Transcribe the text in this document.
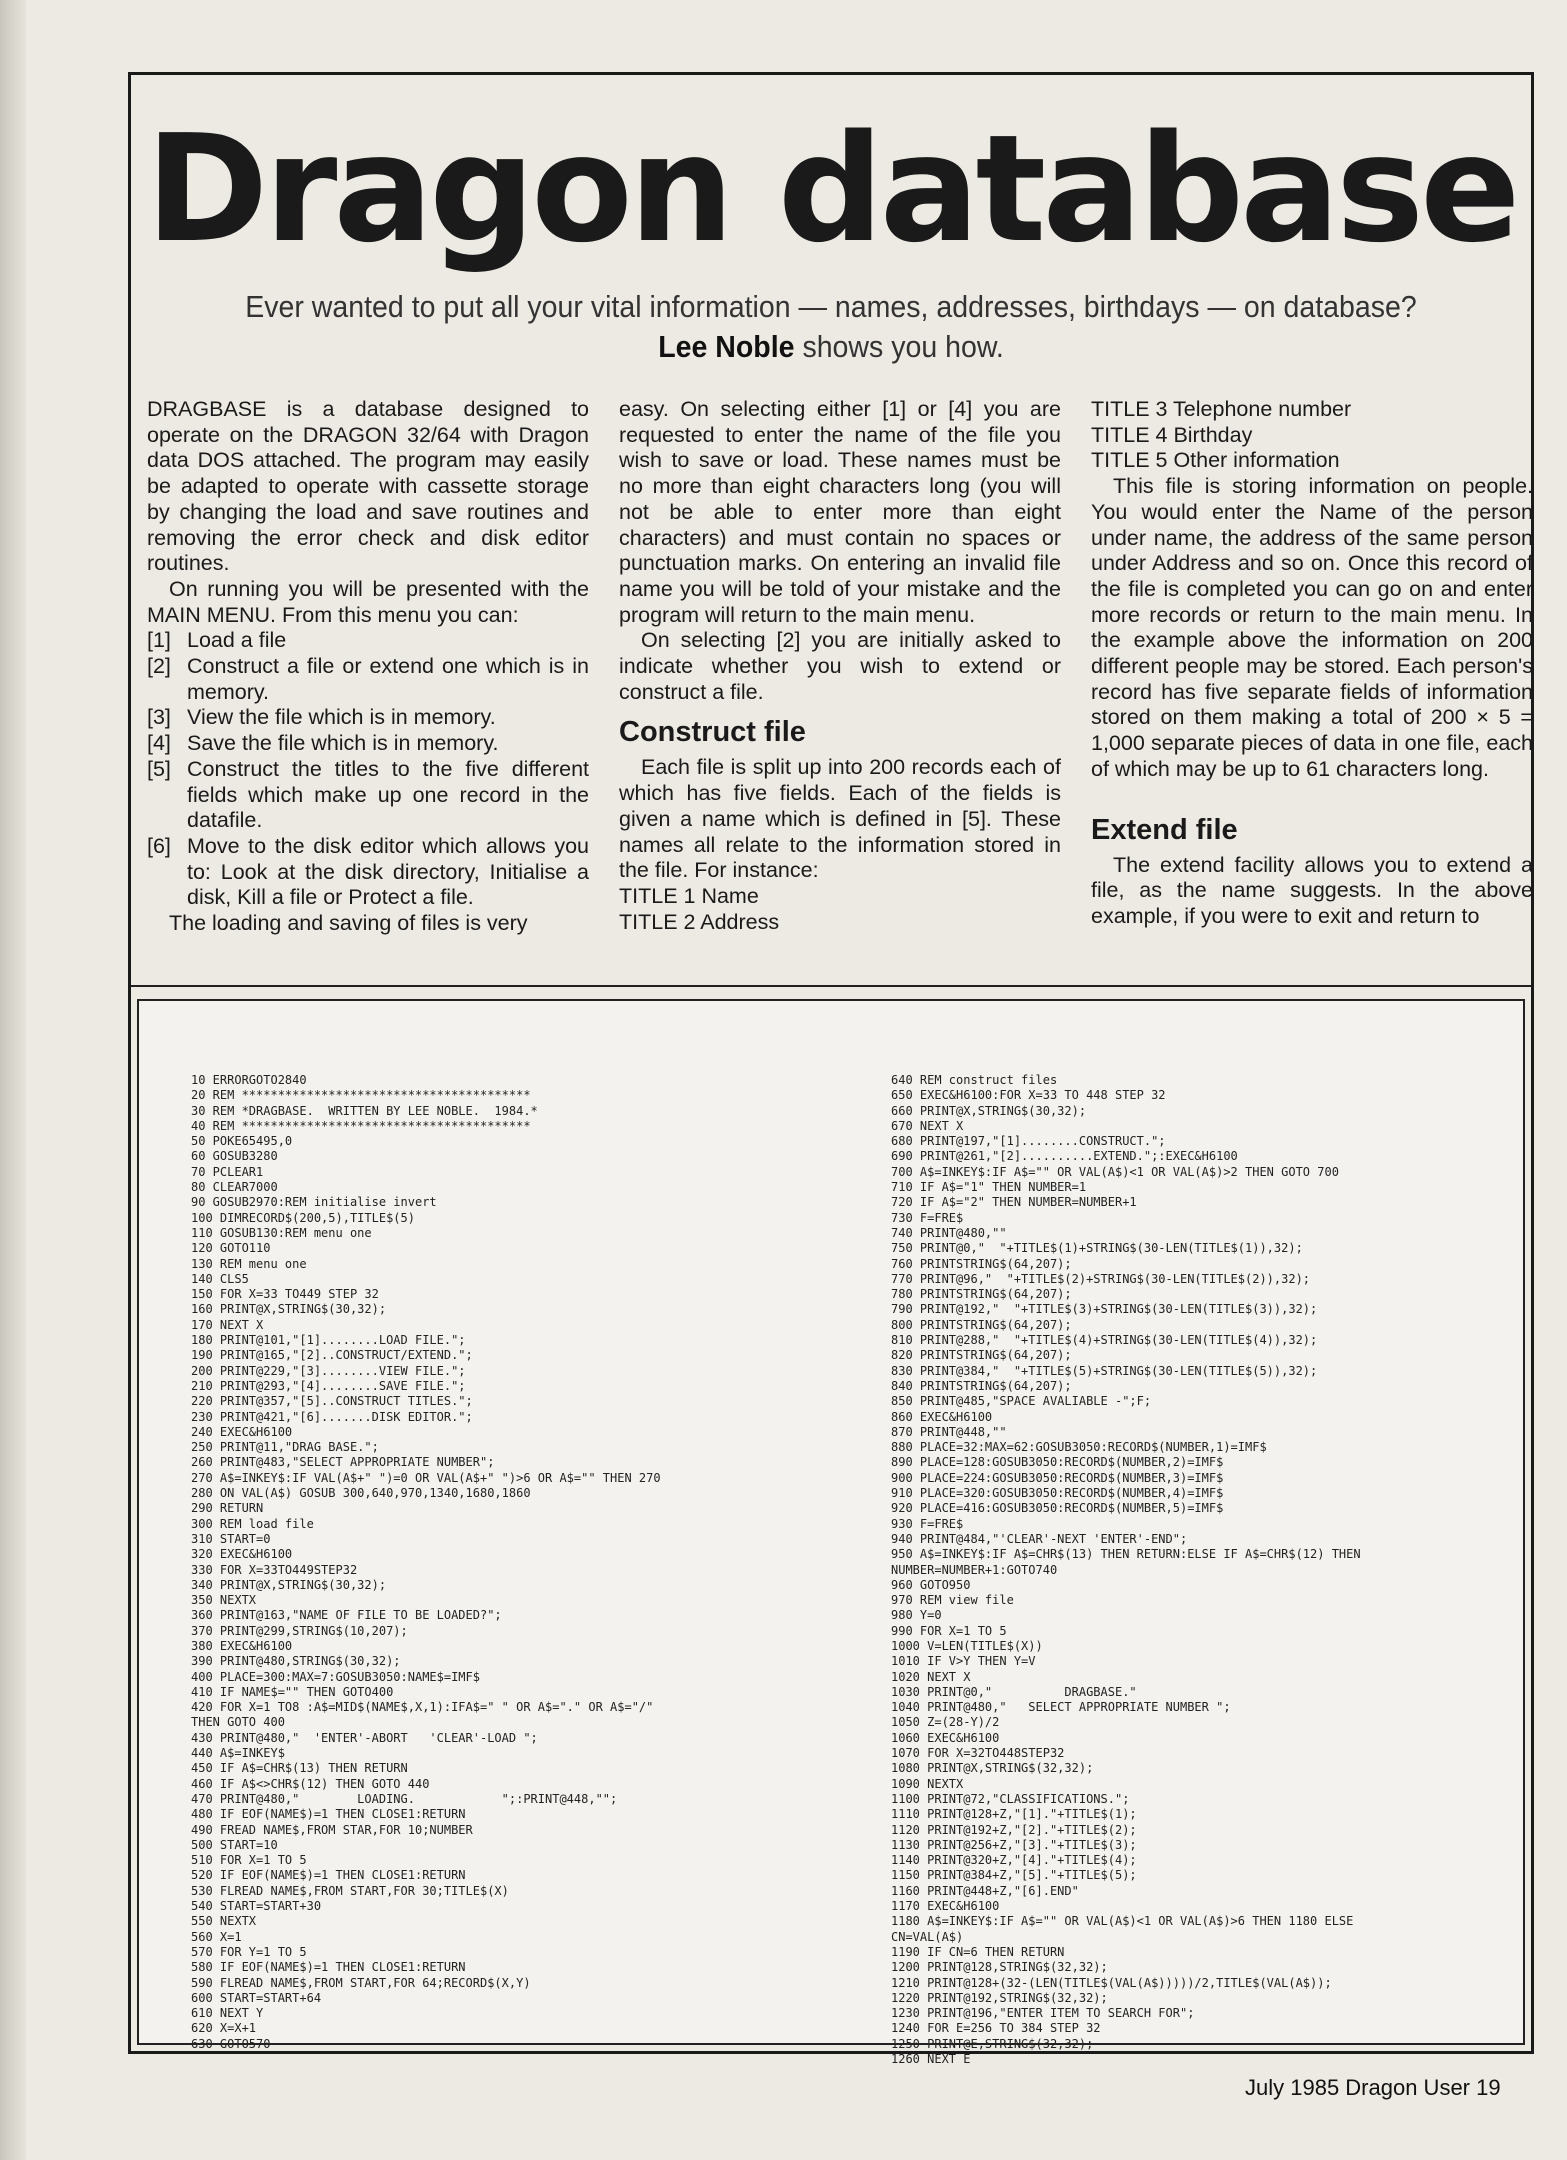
Dragon database
Ever wanted to put all your vital information — names, addresses, birthdays — on database?
Lee Noble shows you how.

DRAGBASE is a database designed to operate on the DRAGON 32/64 with Dragon data DOS attached. The program may easily be adapted to operate with cassette storage by changing the load and save routines and removing the error check and disk editor routines.

On running you will be presented with the MAIN MENU. From this menu you can:

[1] Load a file
[2] Construct a file or extend one which is in memory.
[3] View the file which is in memory.
[4] Save the file which is in memory.
[5] Construct the titles to the five different fields which make up one record in the datafile.
[6] Move to the disk editor which allows you to: Look at the disk directory, Initialise a disk, Kill a file or Protect a file.

The loading and saving of files is very

easy. On selecting either [1] or [4] you are requested to enter the name of the file you wish to save or load. These names must be no more than eight characters long (you will not be able to enter more than eight characters) and must contain no spaces or punctuation marks. On entering an invalid file name you will be told of your mistake and the program will return to the main menu.

On selecting [2] you are initially asked to indicate whether you wish to extend or construct a file.

Construct file

Each file is split up into 200 records each of which has five fields. Each of the fields is given a name which is defined in [5]. These names all relate to the information stored in the file. For instance:

TITLE 1 Name

TITLE 2 Address

TITLE 3 Telephone number

TITLE 4 Birthday

TITLE 5 Other information

This file is storing information on people. You would enter the Name of the person under name, the address of the same person under Address and so on. Once this record of the file is completed you can go on and enter more records or return to the main menu. In the example above the information on 200 different people may be stored. Each person's record has five separate fields of information stored on them making a total of 200 × 5 = 1,000 separate pieces of data in one file, each of which may be up to 61 characters long.

Extend file

The extend facility allows you to extend a file, as the name suggests. In the above example, if you were to exit and return to

10 ERRORGOTO2840
20 REM ****************************************
30 REM *DRAGBASE.  WRITTEN BY LEE NOBLE.  1984.*
40 REM ****************************************
50 POKE65495,0
60 GOSUB3280
70 PCLEAR1
80 CLEAR7000
90 GOSUB2970:REM initialise invert
100 DIMRECORD$(200,5),TITLE$(5)
110 GOSUB130:REM menu one
120 GOTO110
130 REM menu one
140 CLS5
150 FOR X=33 TO449 STEP 32
160 PRINT@X,STRING$(30,32);
170 NEXT X
180 PRINT@101,"[1]........LOAD FILE.";
190 PRINT@165,"[2]..CONSTRUCT/EXTEND.";
200 PRINT@229,"[3]........VIEW FILE.";
210 PRINT@293,"[4]........SAVE FILE.";
220 PRINT@357,"[5]..CONSTRUCT TITLES.";
230 PRINT@421,"[6].......DISK EDITOR.";
240 EXEC&H6100
250 PRINT@11,"DRAG BASE.";
260 PRINT@483,"SELECT APPROPRIATE NUMBER";
270 A$=INKEY$:IF VAL(A$+" ")=0 OR VAL(A$+" ")>6 OR A$="" THEN 270
280 ON VAL(A$) GOSUB 300,640,970,1340,1680,1860
290 RETURN
300 REM load file
310 START=0
320 EXEC&H6100
330 FOR X=33TO449STEP32
340 PRINT@X,STRING$(30,32);
350 NEXTX
360 PRINT@163,"NAME OF FILE TO BE LOADED?";
370 PRINT@299,STRING$(10,207);
380 EXEC&H6100
390 PRINT@480,STRING$(30,32);
400 PLACE=300:MAX=7:GOSUB3050:NAME$=IMF$
410 IF NAME$="" THEN GOTO400
420 FOR X=1 TO8 :A$=MID$(NAME$,X,1):IFA$=" " OR A$="." OR A$="/"
THEN GOTO 400
430 PRINT@480,"  'ENTER'-ABORT   'CLEAR'-LOAD ";
440 A$=INKEY$
450 IF A$=CHR$(13) THEN RETURN
460 IF A$<>CHR$(12) THEN GOTO 440
470 PRINT@480,"        LOADING.            ";:PRINT@448,"";
480 IF EOF(NAME$)=1 THEN CLOSE1:RETURN
490 FREAD NAME$,FROM STAR,FOR 10;NUMBER
500 START=10
510 FOR X=1 TO 5
520 IF EOF(NAME$)=1 THEN CLOSE1:RETURN
530 FLREAD NAME$,FROM START,FOR 30;TITLE$(X)
540 START=START+30
550 NEXTX
560 X=1
570 FOR Y=1 TO 5
580 IF EOF(NAME$)=1 THEN CLOSE1:RETURN
590 FLREAD NAME$,FROM START,FOR 64;RECORD$(X,Y)
600 START=START+64
610 NEXT Y
620 X=X+1
630 GOTO570
640 REM construct files
650 EXEC&H6100:FOR X=33 TO 448 STEP 32
660 PRINT@X,STRING$(30,32);
670 NEXT X
680 PRINT@197,"[1]........CONSTRUCT.";
690 PRINT@261,"[2]..........EXTEND.";:EXEC&H6100
700 A$=INKEY$:IF A$="" OR VAL(A$)<1 OR VAL(A$)>2 THEN GOTO 700
710 IF A$="1" THEN NUMBER=1
720 IF A$="2" THEN NUMBER=NUMBER+1
730 F=FRE$
740 PRINT@480,""
750 PRINT@0,"  "+TITLE$(1)+STRING$(30-LEN(TITLE$(1)),32);
760 PRINTSTRING$(64,207);
770 PRINT@96,"  "+TITLE$(2)+STRING$(30-LEN(TITLE$(2)),32);
780 PRINTSTRING$(64,207);
790 PRINT@192,"  "+TITLE$(3)+STRING$(30-LEN(TITLE$(3)),32);
800 PRINTSTRING$(64,207);
810 PRINT@288,"  "+TITLE$(4)+STRING$(30-LEN(TITLE$(4)),32);
820 PRINTSTRING$(64,207);
830 PRINT@384,"  "+TITLE$(5)+STRING$(30-LEN(TITLE$(5)),32);
840 PRINTSTRING$(64,207);
850 PRINT@485,"SPACE AVALIABLE -";F;
860 EXEC&H6100
870 PRINT@448,""
880 PLACE=32:MAX=62:GOSUB3050:RECORD$(NUMBER,1)=IMF$
890 PLACE=128:GOSUB3050:RECORD$(NUMBER,2)=IMF$
900 PLACE=224:GOSUB3050:RECORD$(NUMBER,3)=IMF$
910 PLACE=320:GOSUB3050:RECORD$(NUMBER,4)=IMF$
920 PLACE=416:GOSUB3050:RECORD$(NUMBER,5)=IMF$
930 F=FRE$
940 PRINT@484,"'CLEAR'-NEXT 'ENTER'-END";
950 A$=INKEY$:IF A$=CHR$(13) THEN RETURN:ELSE IF A$=CHR$(12) THEN
NUMBER=NUMBER+1:GOTO740
960 GOTO950
970 REM view file
980 Y=0
990 FOR X=1 TO 5
1000 V=LEN(TITLE$(X))
1010 IF V>Y THEN Y=V
1020 NEXT X
1030 PRINT@0,"          DRAGBASE."
1040 PRINT@480,"   SELECT APPROPRIATE NUMBER ";
1050 Z=(28-Y)/2
1060 EXEC&H6100
1070 FOR X=32TO448STEP32
1080 PRINT@X,STRING$(32,32);
1090 NEXTX
1100 PRINT@72,"CLASSIFICATIONS.";
1110 PRINT@128+Z,"[1]."+TITLE$(1);
1120 PRINT@192+Z,"[2]."+TITLE$(2);
1130 PRINT@256+Z,"[3]."+TITLE$(3);
1140 PRINT@320+Z,"[4]."+TITLE$(4);
1150 PRINT@384+Z,"[5]."+TITLE$(5);
1160 PRINT@448+Z,"[6].END"
1170 EXEC&H6100
1180 A$=INKEY$:IF A$="" OR VAL(A$)<1 OR VAL(A$)>6 THEN 1180 ELSE
CN=VAL(A$)
1190 IF CN=6 THEN RETURN
1200 PRINT@128,STRING$(32,32);
1210 PRINT@128+(32-(LEN(TITLE$(VAL(A$)))))/2,TITLE$(VAL(A$));
1220 PRINT@192,STRING$(32,32);
1230 PRINT@196,"ENTER ITEM TO SEARCH FOR";
1240 FOR E=256 TO 384 STEP 32
1250 PRINT@E,STRING$(32,32);
1260 NEXT E
July 1985 Dragon User 19
